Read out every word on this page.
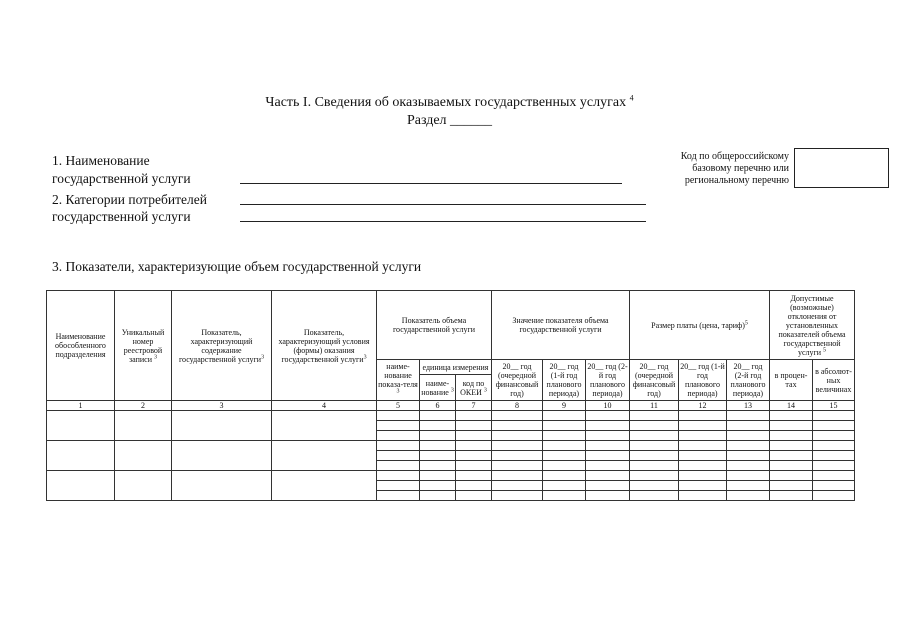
Часть I. Сведения об оказываемых государственных услугах $^4$
Раздел ______
1. Наименование
государственной услуги
2. Категории потребителей
государственной услуги
Код по общероссийскому
базовому перечню или
региональному перечню
3. Показатели, характеризующие объем государственной услуги
Наименование обособленного подразделения	Уникальный номер реестровой записи $^3$	Показатель, характеризующий содержание государственной услуги$^3$	Показатель, характеризующий условия (формы) оказания государственной услуги$^3$	Показатель объема государственной услуги			Значение показателя объема государственной услуги			Размер платы (цена, тариф)$^5$			Допустимые (возможные) отклонения от установленных показателей объема государственной услуги $^5$
				наиме-нование показа-теля $^3$	единица измерения		20__ год (очередной финансовый год)	20__ год (1-й год планового периода)	20__ год (2-й год планового периода)	20__ год (очередной финансовый год)	20__ год (1-й год планового периода)	20__ год (2-й год планового периода)	в процен-тах	в абсолют-ных величинах
					наиме-нование $^3$	код по ОКЕИ $^3$
1	2	3	4	5	6	7	8	9	10	11	12	13	14	15
